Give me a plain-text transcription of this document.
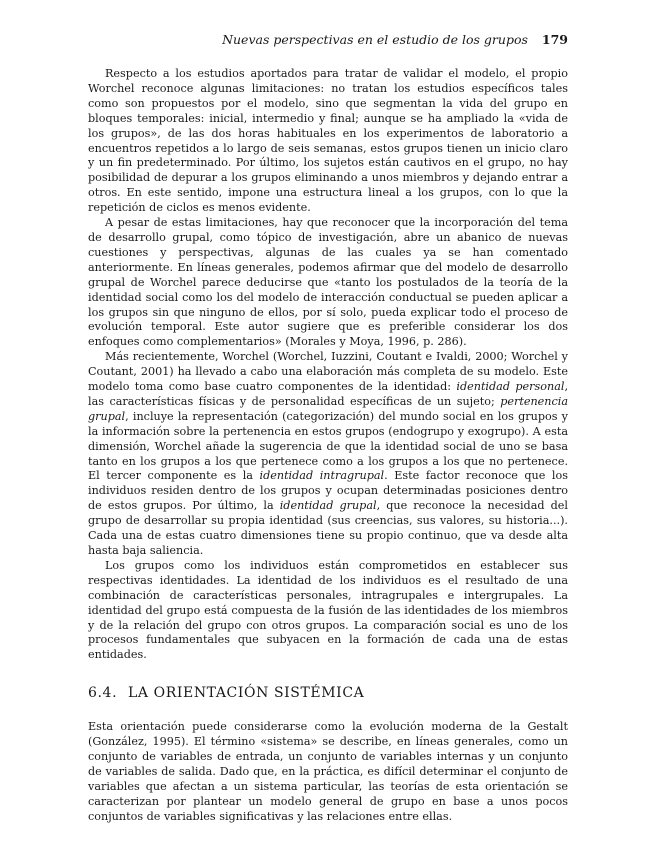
Nuevas perspectivas en el estudio de los grupos 179

Respecto a los estudios aportados para tratar de validar el modelo, el propio Worchel reconoce algunas limitaciones: no tratan los estudios específicos tales como son propuestos por el modelo, sino que segmentan la vida del grupo en bloques temporales: inicial, intermedio y final; aunque se ha ampliado la «vida de los grupos», de las dos horas habituales en los experimentos de laboratorio a encuentros repetidos a lo largo de seis semanas, estos grupos tienen un inicio claro y un fin predeterminado. Por último, los sujetos están cautivos en el grupo, no hay posibilidad de depurar a los grupos eliminando a unos miembros y dejando entrar a otros. En este sentido, impone una estructura lineal a los grupos, con lo que la repetición de ciclos es menos evidente.

A pesar de estas limitaciones, hay que reconocer que la incorporación del tema de desarrollo grupal, como tópico de investigación, abre un abanico de nuevas cuestiones y perspectivas, algunas de las cuales ya se han comentado anteriormente. En líneas generales, podemos afirmar que del modelo de desarrollo grupal de Worchel parece deducirse que «tanto los postulados de la teoría de la identidad social como los del modelo de interacción conductual se pueden aplicar a los grupos sin que ninguno de ellos, por sí solo, pueda explicar todo el proceso de evolución temporal. Este autor sugiere que es preferible considerar los dos enfoques como complementarios» (Morales y Moya, 1996, p. 286).

Más recientemente, Worchel (Worchel, Iuzzini, Coutant e Ivaldi, 2000; Worchel y Coutant, 2001) ha llevado a cabo una elaboración más completa de su modelo. Este modelo toma como base cuatro componentes de la identidad: identidad personal, las características físicas y de personalidad específicas de un sujeto; pertenencia grupal, incluye la representación (categorización) del mundo social en los grupos y la información sobre la pertenencia en estos grupos (endogrupo y exogrupo). A esta dimensión, Worchel añade la sugerencia de que la identidad social de uno se basa tanto en los grupos a los que pertenece como a los grupos a los que no pertenece. El tercer componente es la identidad intragrupal. Este factor reconoce que los individuos residen dentro de los grupos y ocupan determinadas posiciones dentro de estos grupos. Por último, la identidad grupal, que reconoce la necesidad del grupo de desarrollar su propia identidad (sus creencias, sus valores, su historia...). Cada una de estas cuatro dimensiones tiene su propio continuo, que va desde alta hasta baja saliencia.

Los grupos como los individuos están comprometidos en establecer sus respectivas identidades. La identidad de los individuos es el resultado de una combinación de características personales, intragrupales e intergrupales. La identidad del grupo está compuesta de la fusión de las identidades de los miembros y de la relación del grupo con otros grupos. La comparación social es uno de los procesos fundamentales que subyacen en la formación de cada una de estas entidades.

6.4. LA ORIENTACIÓN SISTÉMICA

Esta orientación puede considerarse como la evolución moderna de la Gestalt (González, 1995). El término «sistema» se describe, en líneas generales, como un conjunto de variables de entrada, un conjunto de variables internas y un conjunto de variables de salida. Dado que, en la práctica, es difícil determinar el conjunto de variables que afectan a un sistema particular, las teorías de esta orientación se caracterizan por plantear un modelo general de grupo en base a unos pocos conjuntos de variables significativas y las relaciones entre ellas.
